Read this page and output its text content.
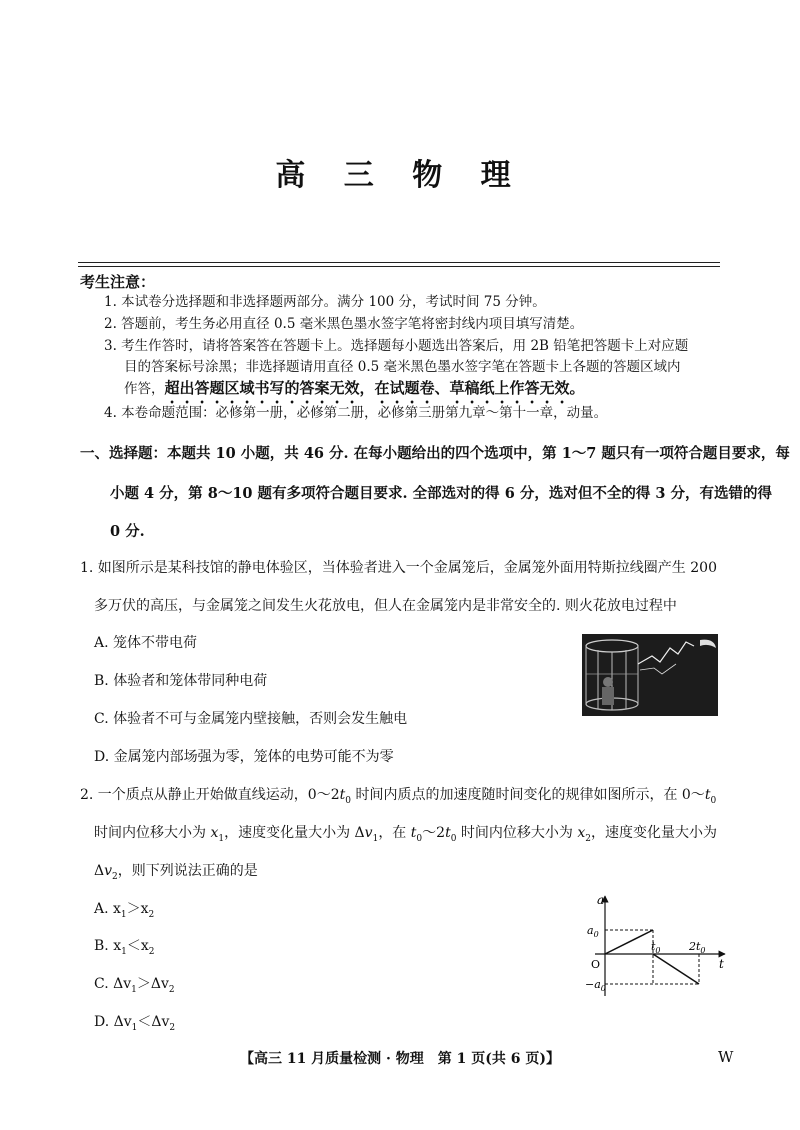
高 三 物 理
考生注意：
1. 本试卷分选择题和非选择题两部分。满分 100 分，考试时间 75 分钟。
2. 答题前，考生务必用直径 0.5 毫米黑色墨水签字笔将密封线内项目填写清楚。
3. 考生作答时，请将答案答在答题卡上。选择题每小题选出答案后，用 2B 铅笔把答题卡上对应题
目的答案标号涂黑；非选择题请用直径 0.5 毫米黑色墨水签字笔在答题卡上各题的答题区域内
作答，超出答题区域书写的答案无效，在试题卷、草稿纸上作答无效。
4. 本卷命题范围：必修第一册，必修第二册，必修第三册第九章～第十一章，动量。
一、选择题：本题共 10 小题，共 46 分. 在每小题给出的四个选项中，第 1～7 题只有一项符合题目要求，每
小题 4 分，第 8～10 题有多项符合题目要求. 全部选对的得 6 分，选对但不全的得 3 分，有选错的得
0 分.
1. 如图所示是某科技馆的静电体验区，当体验者进入一个金属笼后，金属笼外面用特斯拉线圈产生 200
多万伏的高压，与金属笼之间发生火花放电，但人在金属笼内是非常安全的. 则火花放电过程中
A. 笼体不带电荷
B. 体验者和笼体带同种电荷
C. 体验者不可与金属笼内壁接触，否则会发生触电
D. 金属笼内部场强为零，笼体的电势可能不为零
2. 一个质点从静止开始做直线运动，$0\sim 2t_0$ 时间内质点的加速度随时间变化的规律如图所示，在 $0\sim t_0$
时间内位移大小为 $x_1$，速度变化量大小为 $\Delta v_1$，在 $t_0\sim 2t_0$ 时间内位移大小为 $x_2$，速度变化量大小为
$\Delta v_2$，则下列说法正确的是
A. $x_1>x_2$
B. $x_1<x_2$
C. $\Delta v_1>\Delta v_2$
D. $\Delta v_1<\Delta v_2$
a
t
O
$a_0$
$-a_0$
$t_0$	$2t_0$
【高三 11 月质量检测 · 物理　第 1 页(共 6 页)】	W
